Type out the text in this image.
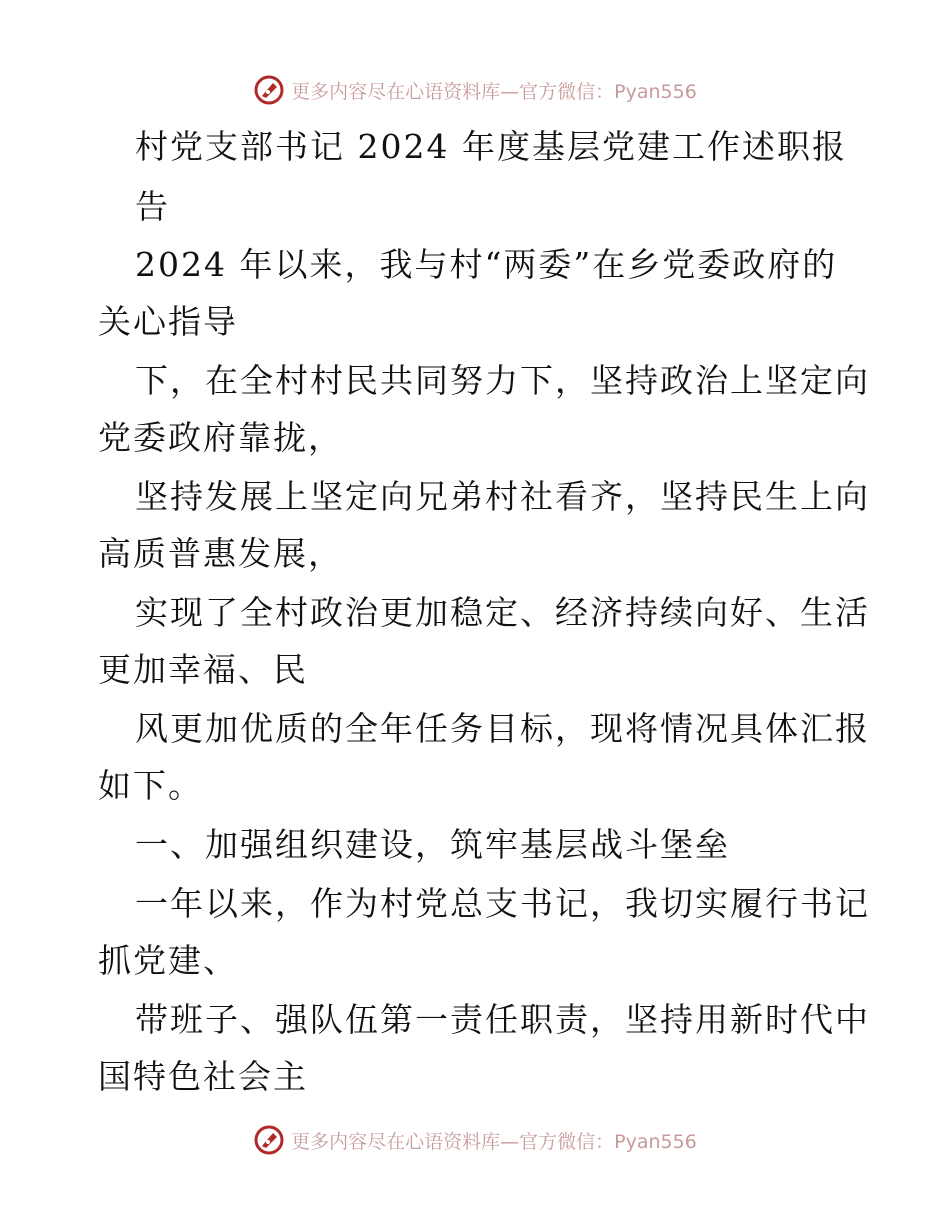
更多内容尽在心语资料库—官方微信：Pyan556
村党支部书记 2024 年度基层党建工作述职报
告
2024 年以来，我与村“两委”在乡党委政府的
关心指导
下，在全村村民共同努力下，坚持政治上坚定向
党委政府靠拢，
坚持发展上坚定向兄弟村社看齐，坚持民生上向
高质普惠发展，
实现了全村政治更加稳定、经济持续向好、生活
更加幸福、民
风更加优质的全年任务目标，现将情况具体汇报
如下。
一、加强组织建设，筑牢基层战斗堡垒
一年以来，作为村党总支书记，我切实履行书记
抓党建、
带班子、强队伍第一责任职责，坚持用新时代中
国特色社会主
更多内容尽在心语资料库—官方微信：Pyan556
